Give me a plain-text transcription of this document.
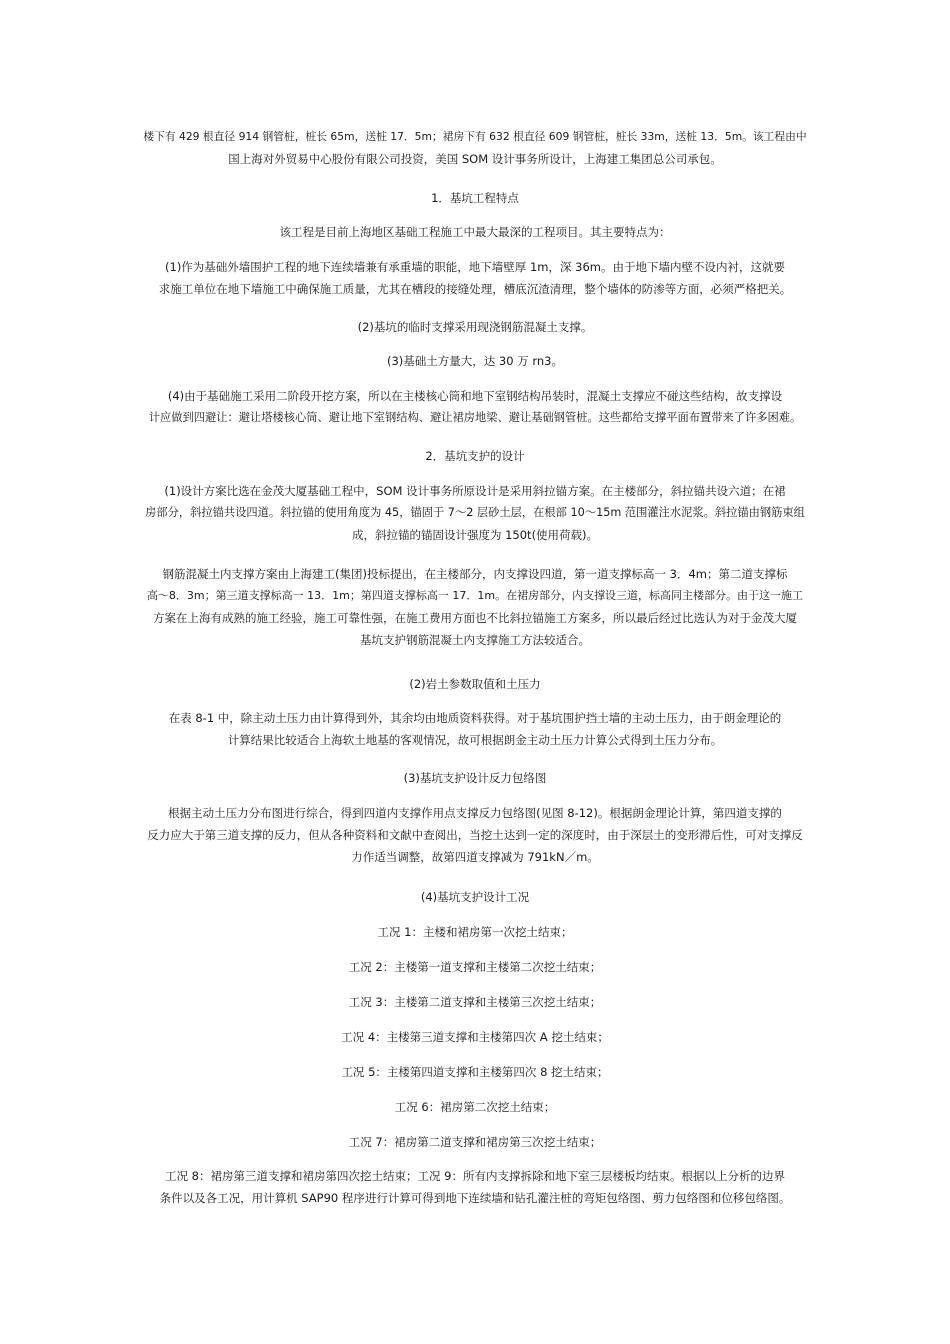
楼下有 429 根直径 914 钢管桩，桩长 65m，送桩 17．5m；裙房下有 632 根直径 609 钢管桩，桩长 33m，送桩 13．5m。该工程由中
国上海对外贸易中心股份有限公司投资，美国 SOM 设计事务所设计，上海建工集团总公司承包。

1．基坑工程特点

该工程是目前上海地区基础工程施工中最大最深的工程项目。其主要特点为：

(1)作为基础外墙围护工程的地下连续墙兼有承重墙的职能，地下墙壁厚 1m，深 36m。由于地下墙内壁不设内衬，这就要
求施工单位在地下墙施工中确保施工质量，尤其在槽段的接缝处理，槽底沉渣清理，整个墙体的防渗等方面，必须严格把关。

(2)基坑的临时支撑采用现浇钢筋混凝土支撑。

(3)基础土方量大，达 30 万 rn3。

(4)由于基础施工采用二阶段开挖方案，所以在主楼核心筒和地下室钢结构吊装时，混凝土支撑应不碰这些结构，故支撑设
计应做到四避让：避让塔楼核心筒、避让地下室钢结构、避让裙房地梁、避让基础钢管桩。这些都给支撑平面布置带来了许多困难。

2．基坑支护的设计

(1)设计方案比选在金茂大厦基础工程中，SOM 设计事务所原设计是采用斜拉锚方案。在主楼部分，斜拉锚共设六道；在裙
房部分，斜拉锚共设四道。斜拉锚的使用角度为 45，锚固于 7～2 层砂土层，在根部 10～15m 范围灌注水泥浆。斜拉锚由钢筋束组
成，斜拉锚的锚固设计强度为 150t(使用荷载)。

钢筋混凝土内支撑方案由上海建工(集团)投标提出，在主楼部分，内支撑设四道，第一道支撑标高一 3．4m；第二道支撑标
高～8．3m；第三道支撑标高一 13．1m；第四道支撑标高一 17．1m。在裙房部分，内支撑设三道，标高同主楼部分。由于这一施工
方案在上海有成熟的施工经验，施工可靠性强，在施工费用方面也不比斜拉锚施工方案多，所以最后经过比选认为对于金茂大厦
基坑支护钢筋混凝土内支撑施工方法较适合。

(2)岩土参数取值和土压力

在表 8-1 中，除主动土压力由计算得到外，其余均由地质资料获得。对于基坑围护挡土墙的主动土压力，由于朗金理论的
计算结果比较适合上海软土地基的客观情况，故可根据朗金主动土压力计算公式得到土压力分布。

(3)基坑支护设计反力包络图

根据主动土压力分布图进行综合，得到四道内支撑作用点支撑反力包络图(见图 8-12)。根据朗金理论计算，第四道支撑的
反力应大于第三道支撑的反力，但从各种资料和文献中查阅出，当挖土达到一定的深度时，由于深层土的变形滞后性，可对支撑反
力作适当调整，故第四道支撑减为 791kN／m。

(4)基坑支护设计工况

工况 1：主楼和裙房第一次挖土结束；

工况 2：主楼第一道支撑和主楼第二次挖土结束；

工况 3：主楼第二道支撑和主楼第三次挖土结束；

工况 4：主楼第三道支撑和主楼第四次 A 挖土结束；

工况 5：主楼第四道支撑和主楼第四次 8 挖土结束；

工况 6：裙房第二次挖土结束；

工况 7：裙房第二道支撑和裙房第三次挖土结束；

工况 8：裙房第三道支撑和裙房第四次挖土结束；工况 9：所有内支撑拆除和地下室三层楼板均结束。根据以上分析的边界
条件以及各工况，用计算机 SAP90 程序进行计算可得到地下连续墙和钻孔灌注桩的弯矩包络图、剪力包络图和位移包络图。
